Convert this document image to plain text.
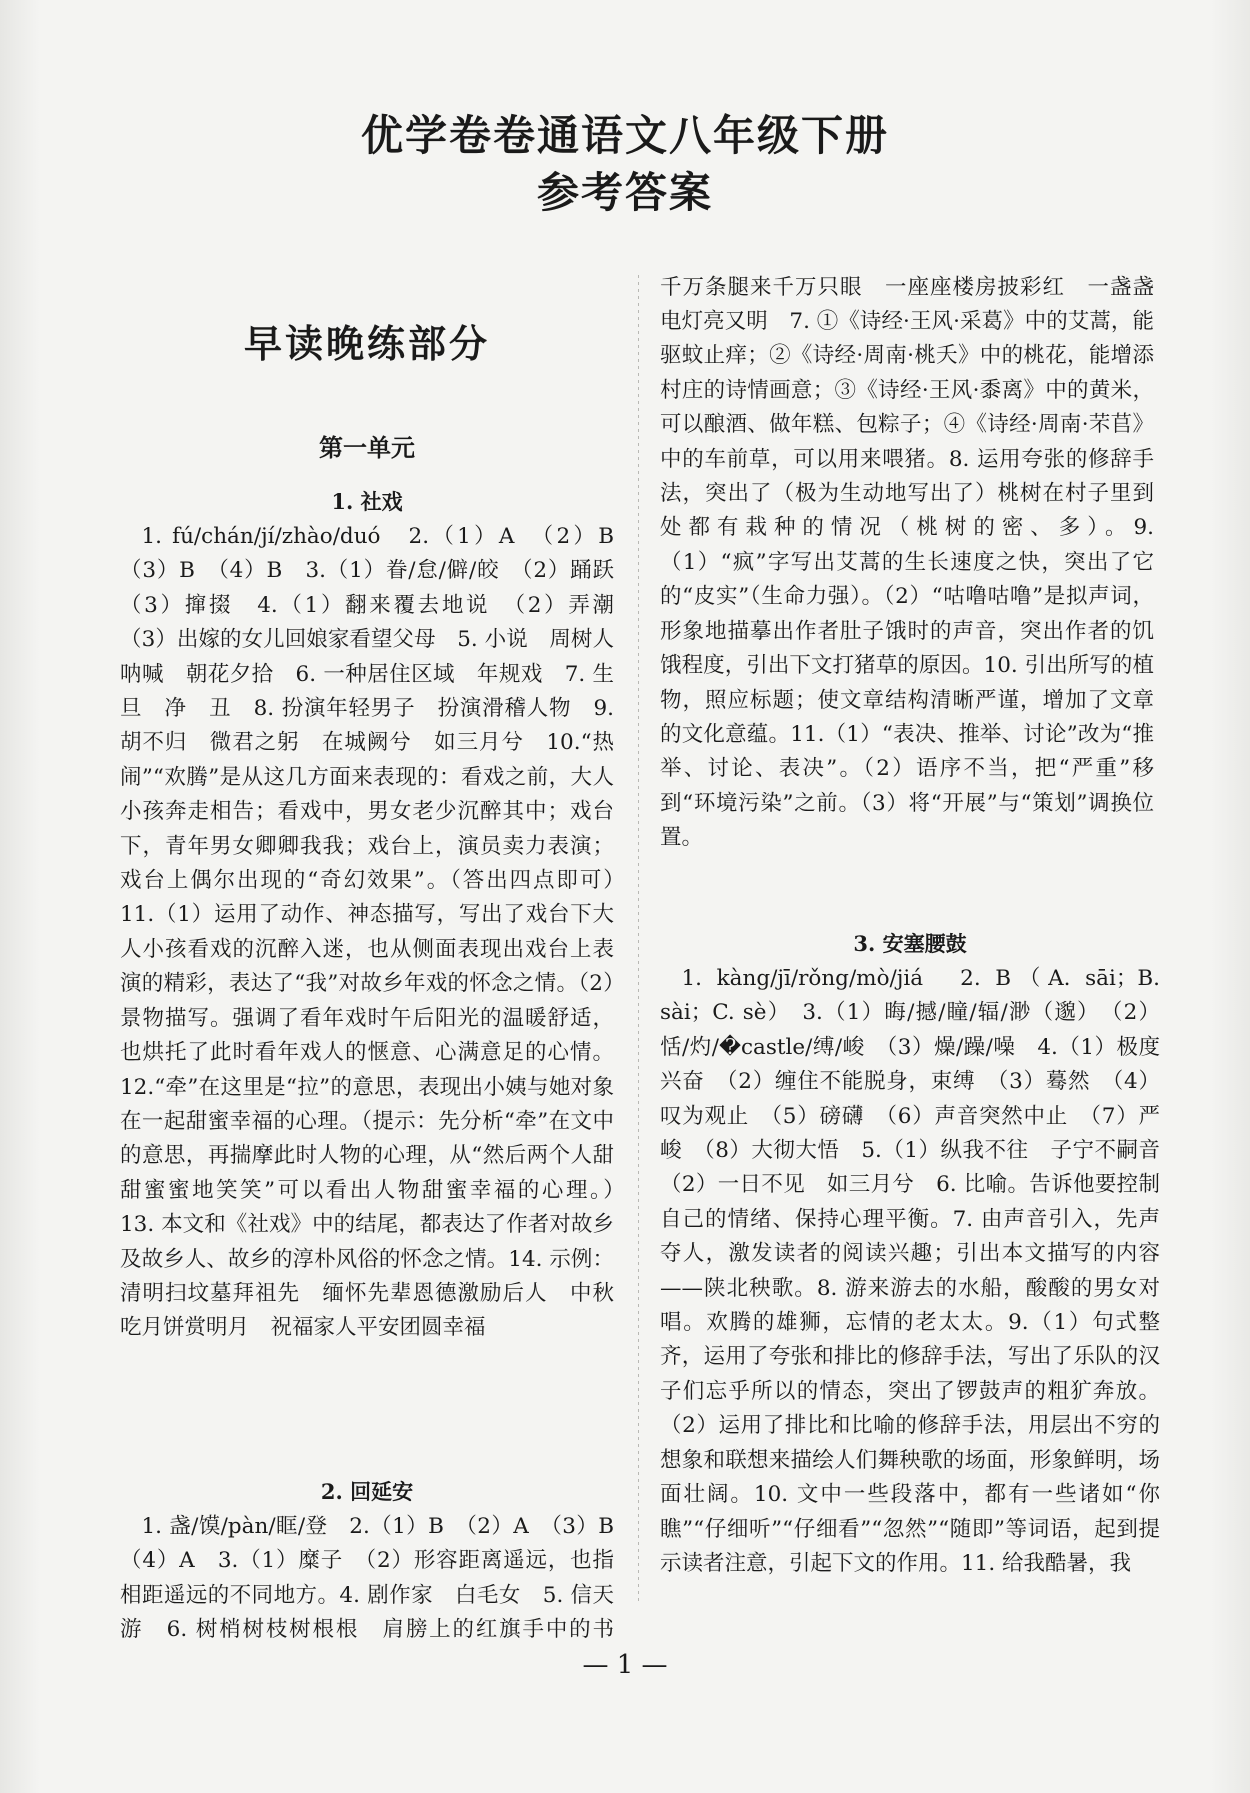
优学卷卷通语文八年级下册
参考答案
早读晚练部分
第一单元
1. 社戏

1. fú/chán/jí/zhào/duó　2.（1）A　（2）B　（3）B　（4）B　3.（1）眷/怠/僻/皎　（2）踊跃　（3）撺掇　4.（1）翻来覆去地说　（2）弄潮　（3）出嫁的女儿回娘家看望父母　5. 小说　周树人　呐喊　朝花夕拾　6. 一种居住区域　年规戏　7. 生　旦　净　丑　8. 扮演年轻男子　扮演滑稽人物　9. 胡不归　微君之躬　在城阙兮　如三月兮　10.“热闹”“欢腾”是从这几方面来表现的：看戏之前，大人小孩奔走相告；看戏中，男女老少沉醉其中；戏台下，青年男女卿卿我我；戏台上，演员卖力表演；戏台上偶尔出现的“奇幻效果”。（答出四点即可）　11.（1）运用了动作、神态描写，写出了戏台下大人小孩看戏的沉醉入迷，也从侧面表现出戏台上表演的精彩，表达了“我”对故乡年戏的怀念之情。（2）景物描写。强调了看年戏时午后阳光的温暖舒适，也烘托了此时看年戏人的惬意、心满意足的心情。12.“牵”在这里是“拉”的意思，表现出小姨与她对象在一起甜蜜幸福的心理。（提示：先分析“牵”在文中的意思，再揣摩此时人物的心理，从“然后两个人甜甜蜜蜜地笑笑”可以看出人物甜蜜幸福的心理。）　13. 本文和《社戏》中的结尾，都表达了作者对故乡及故乡人、故乡的淳朴风俗的怀念之情。14. 示例：清明扫坟墓拜祖先　缅怀先辈恩德激励后人　中秋吃月饼赏明月　祝福家人平安团圆幸福

2. 回延安

1. 盏/馍/pàn/眶/登　2.（1）B　（2）A　（3）B　（4）A　3.（1）糜子　（2）形容距离遥远，也指相距遥远的不同地方。4. 剧作家　白毛女　5. 信天游　6. 树梢树枝树根根　肩膀上的红旗手中的书　　　　

　　　　　　 　　 　 　　千万条腿来千万只眼　一座座楼房披彩红　一盏盏电灯亮又明　7. ①《诗经·王风·采葛》中的艾蒿，能驱蚊止痒；②《诗经·周南·桃夭》中的桃花，能增添村庄的诗情画意；③《诗经·王风·黍离》中的黄米，可以酿酒、做年糕、包粽子；④《诗经·周南·芣苢》中的车前草，可以用来喂猪。8. 运用夸张的修辞手法，突出了（极为生动地写出了）桃树在村子里到处都有栽种的情况（桃树的密、多）。9.（1）“疯”字写出艾蒿的生长速度之快，突出了它的“皮实”（生命力强）。（2）“咕噜咕噜”是拟声词，形象地描摹出作者肚子饿时的声音，突出作者的饥饿程度，引出下文打猪草的原因。10. 引出所写的植物，照应标题；使文章结构清晰严谨，增加了文章的文化意蕴。11.（1）“表决、推举、讨论”改为“推举、讨论、表决”。（2）语序不当，把“严重”移到“环境污染”之前。（3）将“开展”与“策划”调换位置。

3. 安塞腰鼓

1. kàng/jī/rǒng/mò/jiá　2. B（A. sāi；B. sài；C. sè）　3.（1）晦/撼/瞳/辐/渺（邈）　（2）恬/灼/�castle/缚/峻　（3）燥/躁/噪　4.（1）极度兴奋　（2）缠住不能脱身，束缚　（3）蓦然　（4）叹为观止　（5）磅礴　（6）声音突然中止　（7）严峻　（8）大彻大悟　5.（1）纵我不往　子宁不嗣音　（2）一日不见　如三月兮　6. 比喻。告诉他要控制自己的情绪、保持心理平衡。7. 由声音引入，先声夺人，激发读者的阅读兴趣；引出本文描写的内容——陕北秧歌。8. 游来游去的水船，酸酸的男女对唱。欢腾的雄狮，忘情的老太太。9.（1）句式整齐，运用了夸张和排比的修辞手法，写出了乐队的汉子们忘乎所以的情态，突出了锣鼓声的粗犷奔放。（2）运用了排比和比喻的修辞手法，用层出不穷的想象和联想来描绘人们舞秧歌的场面，形象鲜明，场面壮阔。10. 文中一些段落中，都有一些诸如“你瞧”“仔细听”“仔细看”“忽然”“随即”等词语，起到提示读者注意，引起下文的作用。11. 给我酷暑，我

— 1 —
